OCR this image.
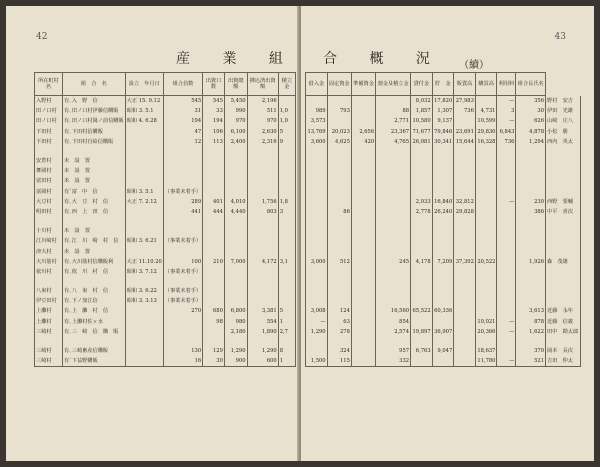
42
産 業 組
所在町村名	組　合　名	設立　年月日	組合員数	出資口数	出資總額	拂込済出資額	積立金
入野村	有､入　野　信	大正 15. 9.12	545	545	5,450	2,196	
田ノ口村	有､田ノ口村伊藤信購販	昭和 3. 5.1	31	33	990	511	1,0
田ノ口村	有､田ノ口村岡ノ前信購販	昭和 4. 6.28	194	194	970	970	1,0
下田村	有､下田村信購販		47	106	6,100	2,630	5
下田村	有､下田村自給信購販		12	113	2,400	2,316	9

安倉村	未　設　置						
舞岡村	未　設　置						
富田村	未　設　置						
富岡村	有ﾞ富　中　信	昭和 3. 5.1	（事業未着手）				
大豆村	有､大　豆　村　信	大正 7. 2.12	289	401	4,010	1,756	1,8
明田村	有､西　上　田　信		441	444	4,440	803	3

十川村	未　設　置						
江川崎村	有､江　川　崎　村　信	昭和 3. 6.21	（事業未着手）				
津大村	未　設　置						
大川筋村	有､大川筋村信購販利	大正 11.10.20	100	210	7,000	4,172	3,1
依川村	有､依　川　村　信	昭和 3. 7.12	（事業未着手）				

八束村	有､八　束　村　信	昭和 3. 6.22	（事業未着手）				
伊豆田村	有､下ノ加江信	昭和 3. 3.13	（事業未着手）				
上灘村	有､上　灘　村　信		270	680	6,800	3,381	5
上灘村	有､上灘村佐ヶ水			98	980	554	1
三崎村	有､三　崎　信　購　販				2,180	1,890	2,7

三崎村	有､三崎畜産信購販		130	129	1,290	1,290	8
三崎村	有ﾞ下益野購販		16	30	900	600	1
43
合 概 況 （續）
借入金	固定資金	準備資金	割金及積立金	貸付金	貯　金	販賣高	購買高	利用料	組合長氏名	
				8,032	17,820	27,983		—	356	野村　安吉
989	793		88	1,857	1,307	736	4,731	3	30	伊田　光雄
3,573			2,771	10,580	9,137		10,599	—	626	山崎　庄八
13,769	20,023	2,656	23,367	71,677	79,846	23,691	29,830	6,843	4,878	小松　勝
3,600	4,625	420	4,765	26,081	30,341	15,644	16,328	736	1,294	西内　英太

				2,033	16,840	32,812		—	230	西野　要輔
	86			2,778	26,240	29,828			386	中平　喜次

3,000	512		245	4,178	7,209	37,392	20,522		1,926	森　茂雄

3,008	124		16,560	65,522	60,336				3,613	近藤　永年
—	63		854				10,021	—	878	近藤　信義
1,290	278		2,574	19,897	36,907		20,366	—	1,622	田中　勘太郎

	324		957	6,763	9,047		18,637		370	岡本　長次
1,500	115		332				11,780	—	521	吉田　仲太
